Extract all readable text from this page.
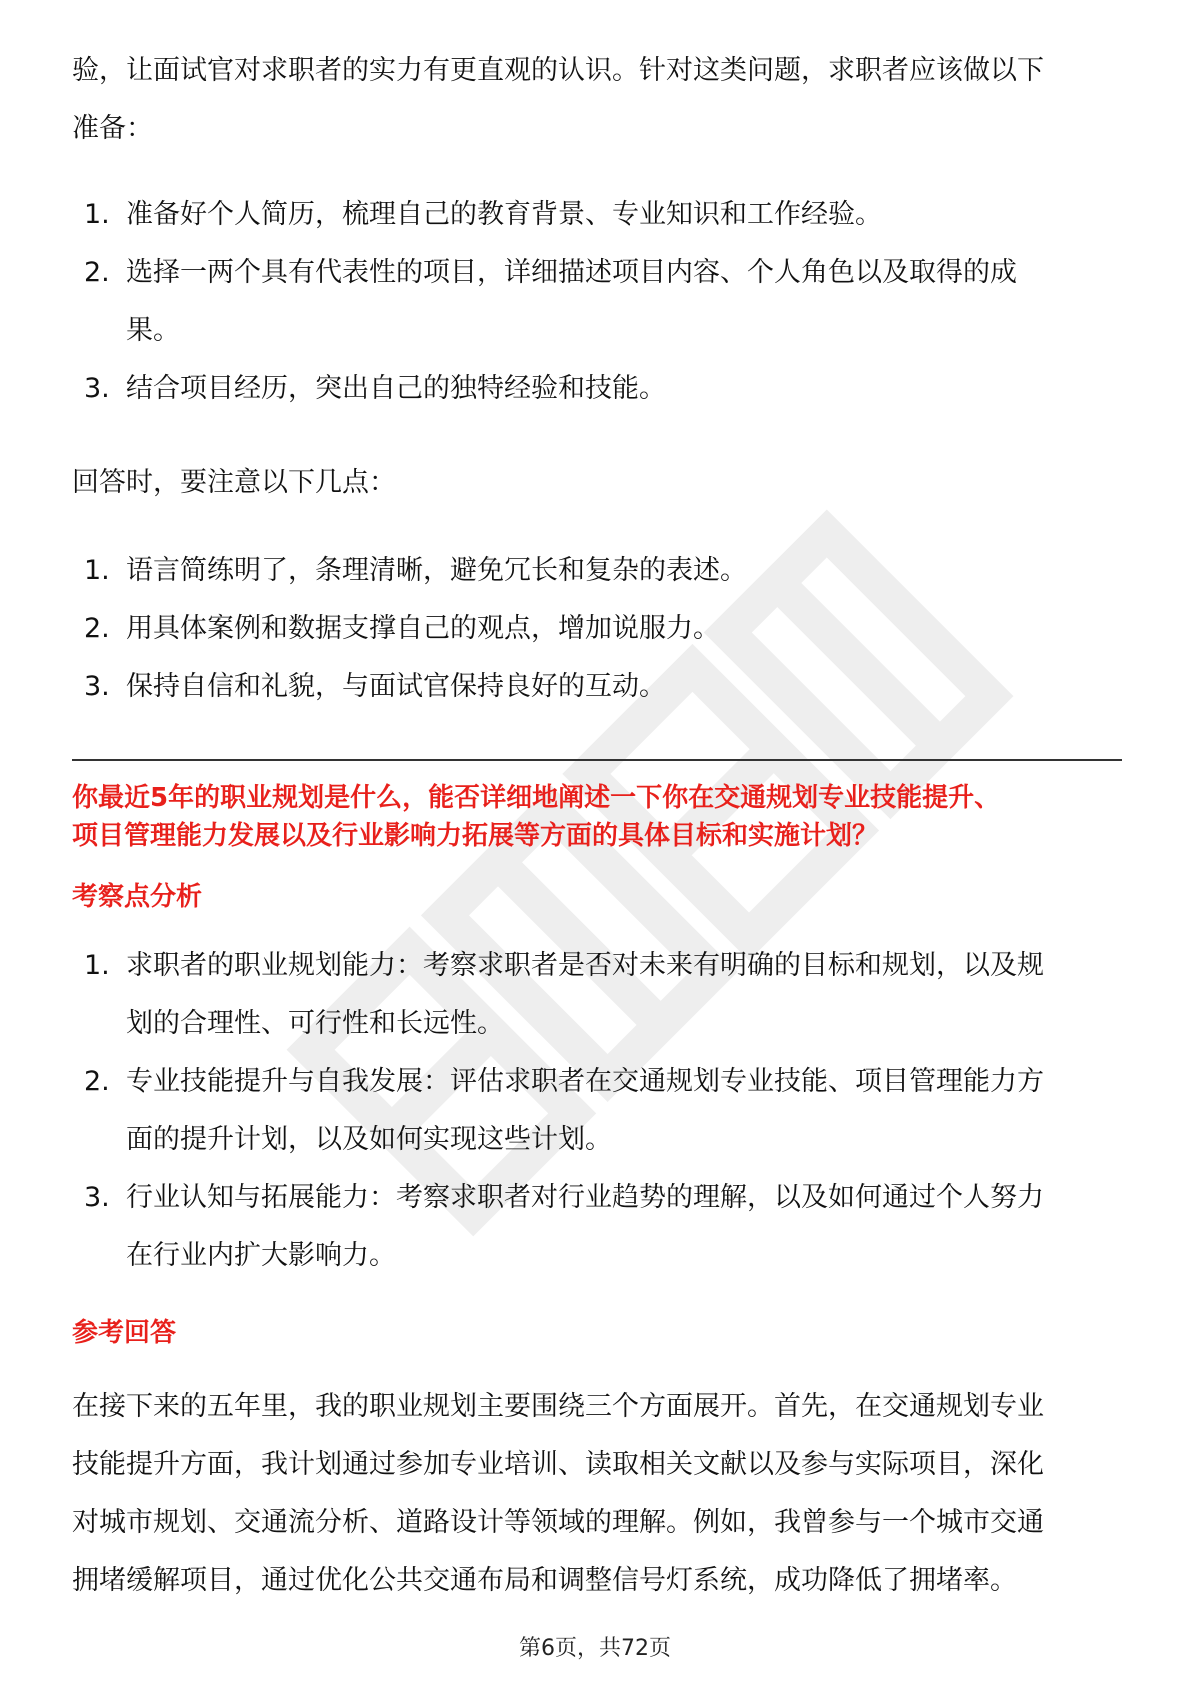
验，让面试官对求职者的实力有更直观的认识。针对这类问题，求职者应该做以下
准备：

1. 准备好个人简历，梳理自己的教育背景、专业知识和工作经验。
2. 选择一两个具有代表性的项目，详细描述项目内容、个人角色以及取得的成
果。
3. 结合项目经历，突出自己的独特经验和技能。

回答时，要注意以下几点：

1. 语言简练明了，条理清晰，避免冗长和复杂的表述。
2. 用具体案例和数据支撑自己的观点，增加说服力。
3. 保持自信和礼貌，与面试官保持良好的互动。

你最近5年的职业规划是什么，能否详细地阐述一下你在交通规划专业技能提升、
项目管理能力发展以及行业影响力拓展等方面的具体目标和实施计划？

考察点分析

1. 求职者的职业规划能力：考察求职者是否对未来有明确的目标和规划，以及规
划的合理性、可行性和长远性。
2. 专业技能提升与自我发展：评估求职者在交通规划专业技能、项目管理能力方
面的提升计划，以及如何实现这些计划。
3. 行业认知与拓展能力：考察求职者对行业趋势的理解，以及如何通过个人努力
在行业内扩大影响力。

参考回答

在接下来的五年里，我的职业规划主要围绕三个方面展开。首先，在交通规划专业
技能提升方面，我计划通过参加专业培训、读取相关文献以及参与实际项目，深化
对城市规划、交通流分析、道路设计等领域的理解。例如，我曾参与一个城市交通
拥堵缓解项目，通过优化公共交通布局和调整信号灯系统，成功降低了拥堵率。

第6页，共72页
